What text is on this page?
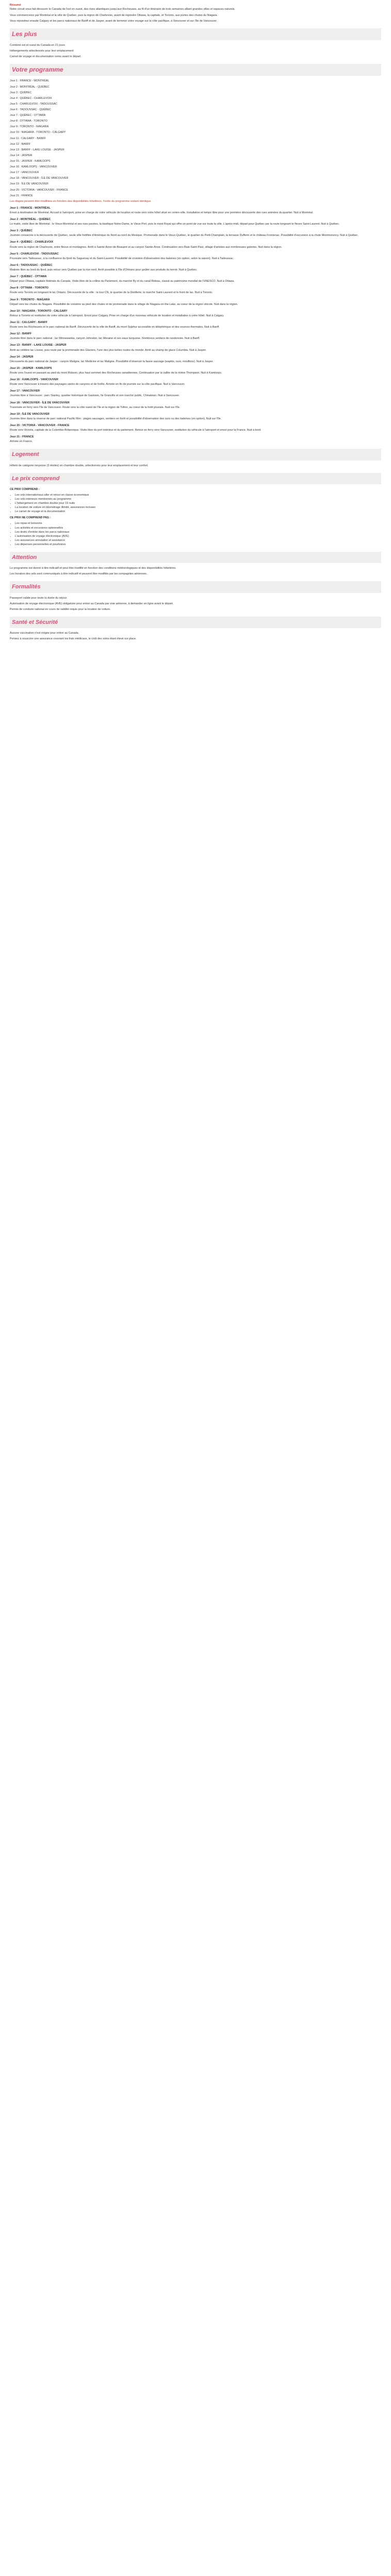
Résumé

Notre circuit vous fait découvrir le Canada de l'est en ouest, des rives atlantiques jusqu'aux Rocheuses, au fil d'un itinéraire de trois semaines alliant grandes villes et espaces naturels.

Vous commencerez par Montréal et la ville de Québec, puis la région de Charlevoix, avant de rejoindre Ottawa, la capitale, et Toronto, aux portes des chutes du Niagara.

Vous rejoindrez ensuite Calgary et les parcs nationaux de Banff et de Jasper, avant de terminer votre voyage sur la côte pacifique, à Vancouver et sur l'île de Vancouver.

Les plus

Combiné est et ouest du Canada en 21 jours

Hébergements sélectionnés pour leur emplacement

Carnet de voyage et documentation remis avant le départ

Votre programme

Jour 1 : FRANCE - MONTRÉAL

Jour 2 : MONTRÉAL - QUÉBEC

Jour 3 : QUÉBEC

Jour 4 : QUÉBEC - CHARLEVOIX

Jour 5 : CHARLEVOIX - TADOUSSAC

Jour 6 : TADOUSSAC - QUÉBEC

Jour 7 : QUÉBEC - OTTAWA

Jour 8 : OTTAWA - TORONTO

Jour 9 : TORONTO - NIAGARA

Jour 10 : NIAGARA - TORONTO - CALGARY

Jour 11 : CALGARY - BANFF

Jour 12 : BANFF

Jour 13 : BANFF - LAKE LOUISE - JASPER

Jour 14 : JASPER

Jour 15 : JASPER - KAMLOOPS

Jour 16 : KAMLOOPS - VANCOUVER

Jour 17 : VANCOUVER

Jour 18 : VANCOUVER - ÎLE DE VANCOUVER

Jour 19 : ÎLE DE VANCOUVER

Jour 20 : VICTORIA - VANCOUVER - FRANCE

Jour 21 : FRANCE

Les étapes peuvent être modifiées en fonction des disponibilités hôtelières, l'ordre du programme restant identique.

Jour 1 : FRANCE - MONTRÉAL

Envol à destination de Montréal. Accueil à l'aéroport, prise en charge de votre véhicule de location et route vers votre hôtel situé en centre-ville. Installation et temps libre pour une première découverte des rues animées du quartier. Nuit à Montréal.

Jour 2 : MONTRÉAL - QUÉBEC

Le matin, visite libre de Montréal : le Vieux-Montréal et ses rues pavées, la basilique Notre-Dame, le Vieux-Port, puis le mont Royal qui offre un point de vue sur toute la ville. L'après-midi, départ pour Québec par la route longeant le fleuve Saint-Laurent. Nuit à Québec.

Jour 3 : QUÉBEC

Journée consacrée à la découverte de Québec, seule ville fortifiée d'Amérique du Nord au nord du Mexique. Promenade dans le Vieux-Québec, le quartier du Petit-Champlain, la terrasse Dufferin et le château Frontenac. Possibilité d'excursion à la chute Montmorency. Nuit à Québec.

Jour 4 : QUÉBEC - CHARLEVOIX

Route vers la région de Charlevoix, entre fleuve et montagnes. Arrêt à Sainte-Anne-de-Beaupré et au canyon Sainte-Anne. Continuation vers Baie-Saint-Paul, village d'artistes aux nombreuses galeries. Nuit dans la région.

Jour 5 : CHARLEVOIX - TADOUSSAC

Poursuite vers Tadoussac, à la confluence du fjord du Saguenay et du Saint-Laurent. Possibilité de croisière d'observation des baleines (en option, selon la saison). Nuit à Tadoussac.

Jour 6 : TADOUSSAC - QUÉBEC

Matinée libre au bord du fjord, puis retour vers Québec par la rive nord. Arrêt possible à l'île d'Orléans pour goûter aux produits du terroir. Nuit à Québec.

Jour 7 : QUÉBEC - OTTAWA

Départ pour Ottawa, capitale fédérale du Canada. Visite libre de la colline du Parlement, du marché By et du canal Rideau, classé au patrimoine mondial de l'UNESCO. Nuit à Ottawa.

Jour 8 : OTTAWA - TORONTO

Route vers Toronto en longeant le lac Ontario. Découverte de la ville : la tour CN, le quartier de la Distillerie, le marché Saint-Laurent et le front de lac. Nuit à Toronto.

Jour 9 : TORONTO - NIAGARA

Départ vers les chutes du Niagara. Possibilité de croisière au pied des chutes et de promenade dans le village de Niagara-on-the-Lake, au coeur de la région viticole. Nuit dans la région.

Jour 10 : NIAGARA - TORONTO - CALGARY

Retour à Toronto et restitution de votre véhicule à l'aéroport. Envol pour Calgary. Prise en charge d'un nouveau véhicule de location et installation à votre hôtel. Nuit à Calgary.

Jour 11 : CALGARY - BANFF

Route vers les Rocheuses et le parc national de Banff. Découverte de la ville de Banff, du mont Sulphur accessible en téléphérique et des sources thermales. Nuit à Banff.

Jour 12 : BANFF

Journée libre dans le parc national : lac Minnewanka, canyon Johnston, lac Moraine et ses eaux turquoise. Nombreux sentiers de randonnée. Nuit à Banff.

Jour 13 : BANFF - LAKE LOUISE - JASPER

Arrêt au célèbre lac Louise, puis route par la promenade des Glaciers, l'une des plus belles routes du monde. Arrêt au champ de glace Columbia. Nuit à Jasper.

Jour 14 : JASPER

Découverte du parc national de Jasper : canyon Maligne, lac Medicine et lac Maligne. Possibilité d'observer la faune sauvage (wapitis, ours, mouflons). Nuit à Jasper.

Jour 15 : JASPER - KAMLOOPS

Route vers l'ouest en passant au pied du mont Robson, plus haut sommet des Rocheuses canadiennes. Continuation par la vallée de la rivière Thompson. Nuit à Kamloops.

Jour 16 : KAMLOOPS - VANCOUVER

Route vers Vancouver à travers des paysages variés de canyons et de forêts. Arrivée en fin de journée sur la côte pacifique. Nuit à Vancouver.

Jour 17 : VANCOUVER

Journée libre à Vancouver : parc Stanley, quartier historique de Gastown, île Granville et son marché public, Chinatown. Nuit à Vancouver.

Jour 18 : VANCOUVER - ÎLE DE VANCOUVER

Traversée en ferry vers l'île de Vancouver. Route vers la côte ouest de l'île et la région de Tofino, au coeur de la forêt pluviale. Nuit sur l'île.

Jour 19 : ÎLE DE VANCOUVER

Journée libre dans la réserve de parc national Pacific Rim : plages sauvages, sentiers en forêt et possibilité d'observation des ours ou des baleines (en option). Nuit sur l'île.

Jour 20 : VICTORIA - VANCOUVER - FRANCE

Route vers Victoria, capitale de la Colombie-Britannique. Visite libre du port intérieur et du parlement. Retour en ferry vers Vancouver, restitution du véhicule à l'aéroport et envol pour la France. Nuit à bord.

Jour 21 : FRANCE

Arrivée en France.

Logement

Hôtels de catégorie moyenne (3 étoiles) en chambre double, sélectionnés pour leur emplacement et leur confort.

Le prix comprend

CE PRIX COMPREND :

• Les vols internationaux aller et retour en classe économique
• Les vols intérieurs mentionnés au programme
• L'hébergement en chambre double pour 19 nuits
• La location de voiture en kilométrage illimité, assurances incluses
• Le carnet de voyage et la documentation

CE PRIX NE COMPREND PAS :

• Les repas et boissons
• Les activités et excursions optionnelles
• Les droits d'entrée dans les parcs nationaux
• L'autorisation de voyage électronique (AVE)
• Les assurances annulation et assistance
• Les dépenses personnelles et pourboires
Attention

Le programme est donné à titre indicatif et peut être modifié en fonction des conditions météorologiques et des disponibilités hôtelières.

Les horaires des vols sont communiqués à titre indicatif et peuvent être modifiés par les compagnies aériennes.

Formalités

Passeport valide pour toute la durée du séjour.

Autorisation de voyage électronique (AVE) obligatoire pour entrer au Canada par voie aérienne, à demander en ligne avant le départ.

Permis de conduire national en cours de validité requis pour la location de voiture.

Santé et Sécurité

Aucune vaccination n'est exigée pour entrer au Canada.

Pensez à souscrire une assurance couvrant les frais médicaux, le coût des soins étant élevé sur place.
